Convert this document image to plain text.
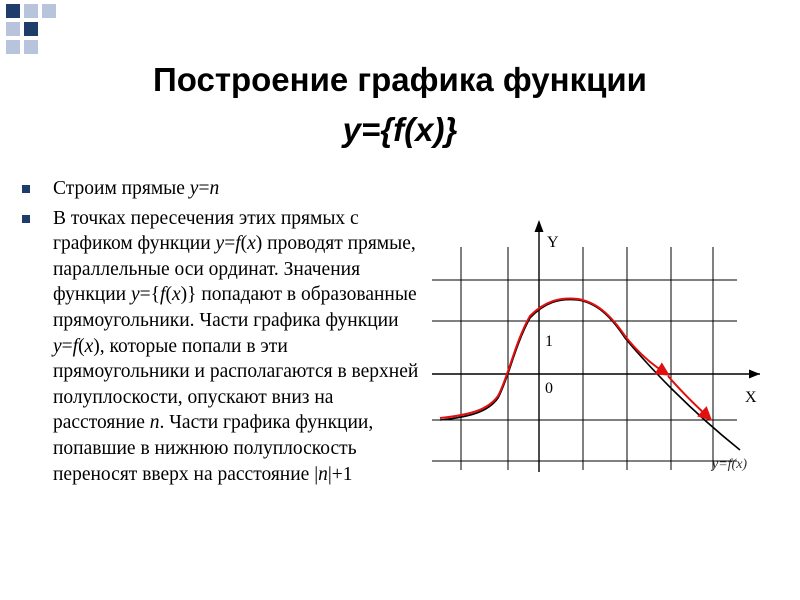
Построение графика функции
y={f(x)}
Строим прямые y=n
В точках пересечения этих прямых с графиком функции y=f(x) проводят прямые, параллельные оси ординат. Значения функции y={f(x)} попадают в образованные прямоугольники. Части графика функции y=f(x), которые попали в эти прямоугольники и располагаются в верхней полуплоскости, опускают вниз на расстояние n. Части графика функции, попавшие в нижнюю полуплоскость переносят вверх на расстояние |n|+1
Y
X
1
0
y=f(x)
